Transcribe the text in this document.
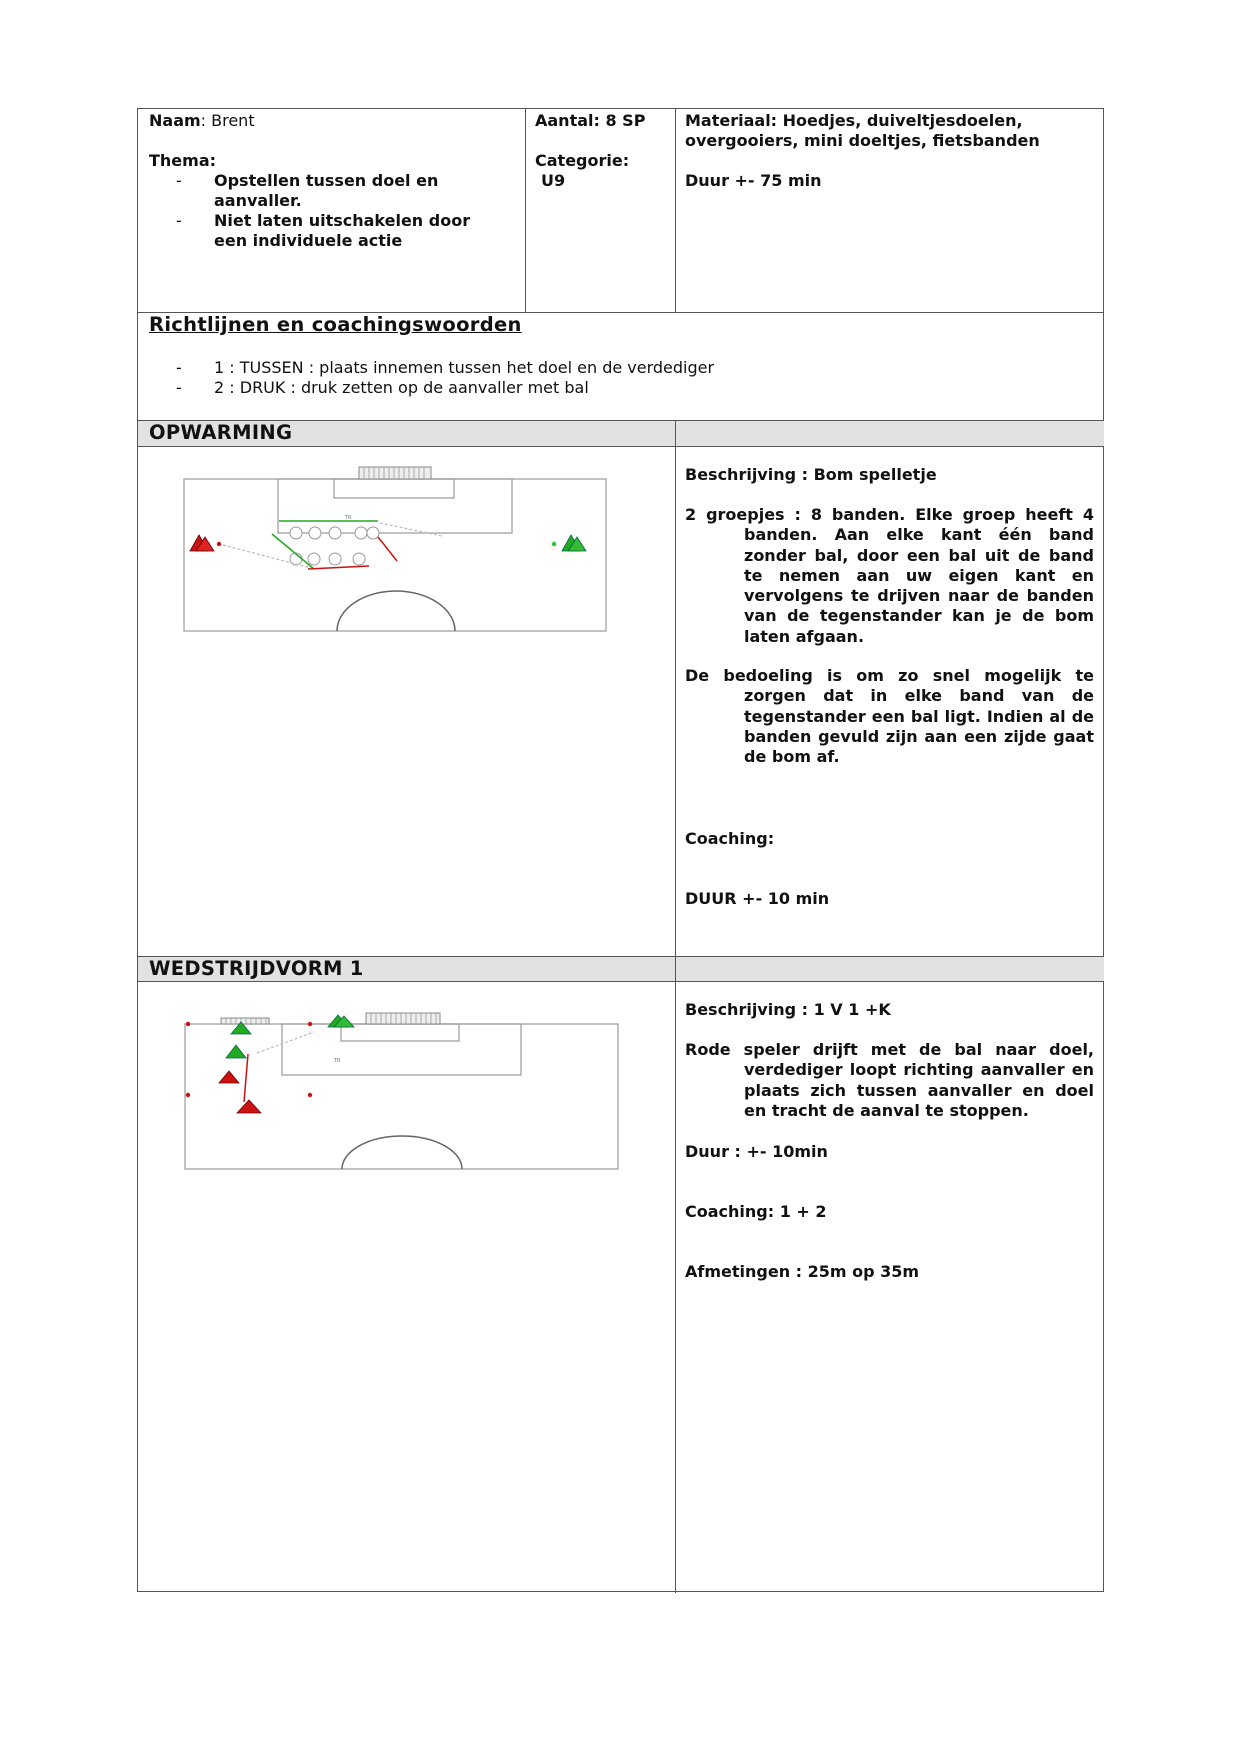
Naam: Brent
Thema:
- Opstellen tussen doel en
aanvaller.
- Niet laten uitschakelen door
een individuele actie
Aantal: 8 SP
Categorie:
U9
Materiaal: Hoedjes, duiveltjesdoelen,
overgooiers, mini doeltjes, fietsbanden
Duur +- 75 min
Richtlijnen en coachingswoorden
- 1 : TUSSEN : plaats innemen tussen het doel en de verdediger
- 2 : DRUK : druk zetten op de aanvaller met bal
OPWARMING
TR
Beschrijving : Bom spelletje

2 groepjes : 8 banden. Elke groep heeft 4 banden. Aan elke kant één band zonder bal, door een bal uit de band te nemen aan uw eigen kant en vervolgens te drijven naar de banden van de tegenstander kan je de bom laten afgaan.

De bedoeling is om zo snel mogelijk te zorgen dat in elke band van de tegenstander een bal ligt. Indien al de banden gevuld zijn aan een zijde gaat de bom af.

Coaching:
DUUR +- 10 min
WEDSTRIJDVORM 1
TR
Beschrijving : 1 V 1 +K

Rode speler drijft met de bal naar doel, verdediger loopt richting aanvaller en plaats zich tussen aanvaller en doel en tracht de aanval te stoppen.

Duur : +- 10min
Coaching: 1 + 2
Afmetingen : 25m op 35m
